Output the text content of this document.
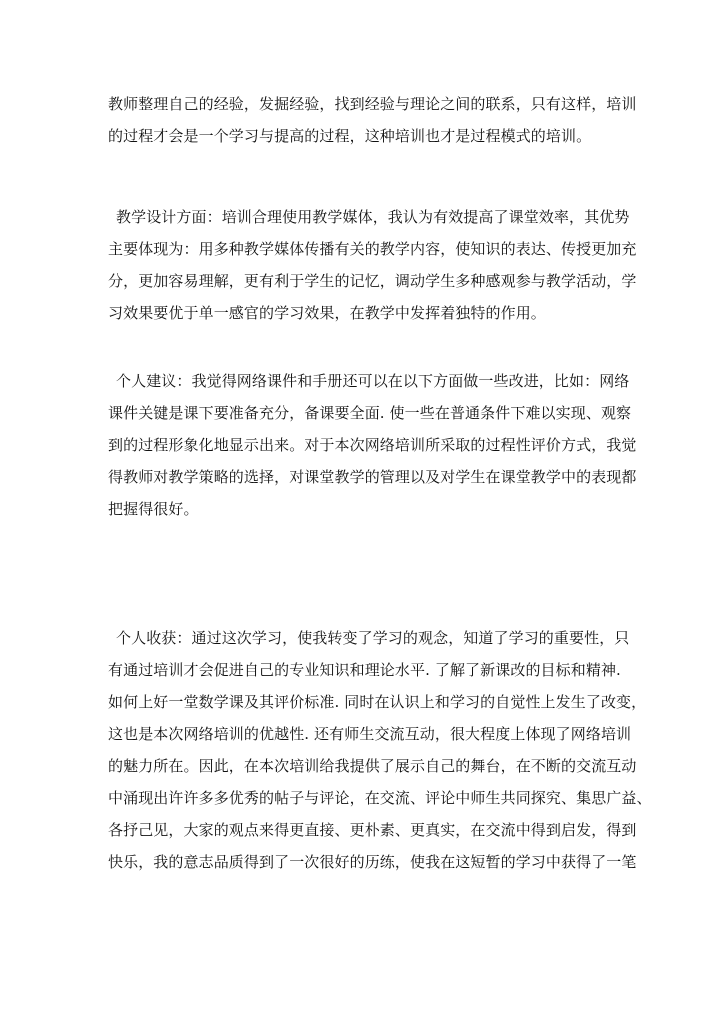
教师整理自己的经验，发掘经验，找到经验与理论之间的联系，只有这样，培训
的过程才会是一个学习与提高的过程，这种培训也才是过程模式的培训。
教学设计方面：培训合理使用教学媒体，我认为有效提高了课堂效率，其优势
主要体现为：用多种教学媒体传播有关的教学内容，使知识的表达、传授更加充
分，更加容易理解，更有利于学生的记忆，调动学生多种感观参与教学活动，学
习效果要优于单一感官的学习效果，在教学中发挥着独特的作用。
个人建议：我觉得网络课件和手册还可以在以下方面做一些改进，比如：网络
课件关键是课下要准备充分，备课要全面. 使一些在普通条件下难以实现、观察
到的过程形象化地显示出来。对于本次网络培训所采取的过程性评价方式，我觉
得教师对教学策略的选择，对课堂教学的管理以及对学生在课堂教学中的表现都
把握得很好。
个人收获：通过这次学习，使我转变了学习的观念，知道了学习的重要性，只
有通过培训才会促进自己的专业知识和理论水平. 了解了新课改的目标和精神.
如何上好一堂数学课及其评价标准. 同时在认识上和学习的自觉性上发生了改变，
这也是本次网络培训的优越性. 还有师生交流互动，很大程度上体现了网络培训
的魅力所在。因此，在本次培训给我提供了展示自己的舞台，在不断的交流互动
中涌现出许许多多优秀的帖子与评论，在交流、评论中师生共同探究、集思广益、
各抒己见，大家的观点来得更直接、更朴素、更真实，在交流中得到启发，得到
快乐，我的意志品质得到了一次很好的历练，使我在这短暂的学习中获得了一笔
